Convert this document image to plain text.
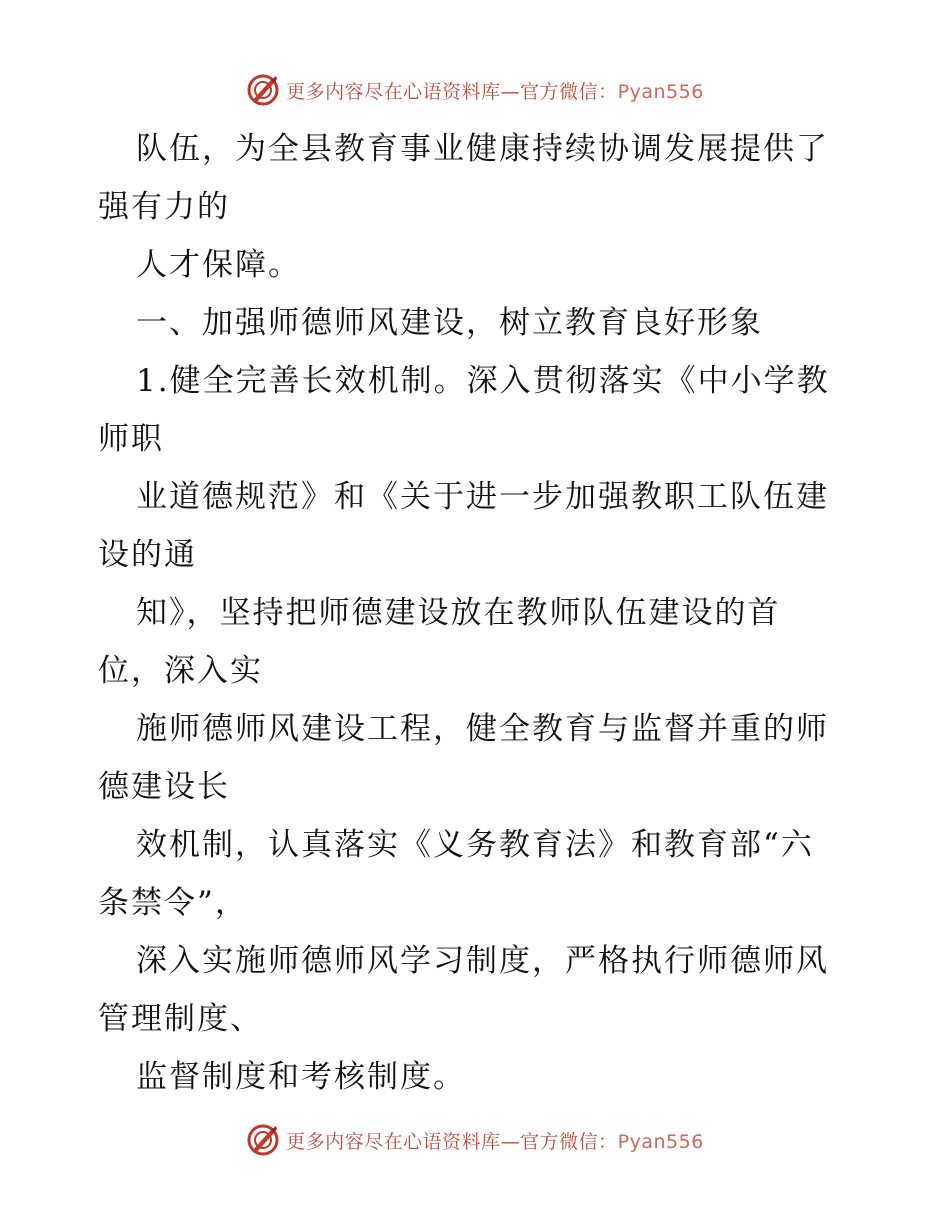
更多内容尽在心语资料库—官方微信：Pyan556
队伍，为全县教育事业健康持续协调发展提供了
强有力的
人才保障。
一、加强师德师风建设，树立教育良好形象
1.健全完善长效机制。深入贯彻落实《中小学教
师职
业道德规范》和《关于进一步加强教职工队伍建
设的通
知》，坚持把师德建设放在教师队伍建设的首
位，深入实
施师德师风建设工程，健全教育与监督并重的师
德建设长
效机制，认真落实《义务教育法》和教育部“六
条禁令”，
深入实施师德师风学习制度，严格执行师德师风
管理制度、
监督制度和考核制度。
更多内容尽在心语资料库—官方微信：Pyan556
